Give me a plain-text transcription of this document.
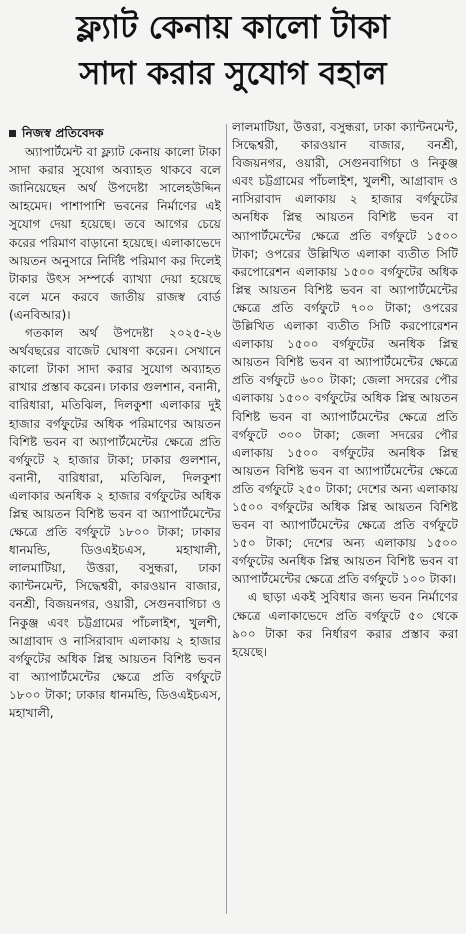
ফ্ল্যাট কেনায় কালো টাকা
সাদা করার সুযোগ বহাল
নিজস্ব প্রতিবেদক

অ্যাপার্টমেন্ট বা ফ্ল্যাট কেনায় কালো টাকা সাদা করার সুযোগ অব্যাহত থাকবে বলে জানিয়েছেন অর্থ উপদেষ্টা সালেহউদ্দিন আহমেদ। পাশাপাশি ভবনের নির্মাণের এই সুযোগ দেয়া হয়েছে। তবে আগের চেয়ে করের পরিমাণ বাড়ানো হয়েছে। এলাকাভেদে আয়তন অনুসারে নির্দিষ্ট পরিমাণ কর দিলেই টাকার উৎস সম্পর্কে ব্যাখ্যা দেয়া হয়েছে বলে মনে করবে জাতীয় রাজস্ব বোর্ড (এনবিআর)।

গতকাল অর্থ উপদেষ্টা ২০২৫-২৬ অর্থবছরের বাজেট ঘোষণা করেন। সেখানে কালো টাকা সাদা করার সুযোগ অব্যাহত রাখার প্রস্তাব করেন। ঢাকার গুলশান, বনানী, বারিধারা, মতিঝিল, দিলকুশা এলাকার দুই হাজার বর্গফুটের অধিক পরিমাণের আয়তন বিশিষ্ট ভবন বা অ্যাপার্টমেন্টের ক্ষেত্রে প্রতি বর্গফুটে ২ হাজার টাকা; ঢাকার গুলশান, বনানী, বারিধারা, মতিঝিল, দিলকুশা এলাকার অনধিক ২ হাজার বর্গফুটের অধিক প্লিন্থ আয়তন বিশিষ্ট ভবন বা অ্যাপার্টমেন্টের ক্ষেত্রে প্রতি বর্গফুটে ১৮০০ টাকা; ঢাকার ধানমন্ডি, ডিওএইচএস, মহাখালী, লালমাটিয়া, উত্তরা, বসুন্ধরা, ঢাকা ক্যান্টনমেন্ট, সিদ্ধেশ্বরী, কারওয়ান বাজার, বনশ্রী, বিজয়নগর, ওয়ারী, সেগুনবাগিচা ও নিকুঞ্জ এবং চট্টগ্রামের পাঁচলাইশ, খুলশী, আগ্রাবাদ ও নাসিরাবাদ এলাকায় ২ হাজার বর্গফুটের অধিক প্লিন্থ আয়তন বিশিষ্ট ভবন বা অ্যাপার্টমেন্টের ক্ষেত্রে প্রতি বর্গফুটে ১৮০০ টাকা; ঢাকার ধানমন্ডি, ডিওএইচএস, মহাখালী,

লালমাটিয়া, উত্তরা, বসুন্ধরা, ঢাকা ক্যান্টনমেন্ট, সিদ্ধেশ্বরী, কারওয়ান বাজার, বনশ্রী, বিজয়নগর, ওয়ারী, সেগুনবাগিচা ও নিকুঞ্জ এবং চট্টগ্রামের পাঁচলাইশ, খুলশী, আগ্রাবাদ ও নাসিরাবাদ এলাকায় ২ হাজার বর্গফুটের অনধিক প্লিন্থ আয়তন বিশিষ্ট ভবন বা অ্যাপার্টমেন্টের ক্ষেত্রে প্রতি বর্গফুটে ১৫০০ টাকা; ওপরের উল্লিখিত এলাকা ব্যতীত সিটি করপোরেশন এলাকায় ১৫০০ বর্গফুটের অধিক প্লিন্থ আয়তন বিশিষ্ট ভবন বা অ্যাপার্টমেন্টের ক্ষেত্রে প্রতি বর্গফুটে ৭০০ টাকা; ওপরের উল্লিখিত এলাকা ব্যতীত সিটি করপোরেশন এলাকায় ১৫০০ বর্গফুটের অনধিক প্লিন্থ আয়তন বিশিষ্ট ভবন বা অ্যাপার্টমেন্টের ক্ষেত্রে প্রতি বর্গফুটে ৬০০ টাকা; জেলা সদরের পৌর এলাকায় ১৫০০ বর্গফুটের অধিক প্লিন্থ আয়তন বিশিষ্ট ভবন বা অ্যাপার্টমেন্টের ক্ষেত্রে প্রতি বর্গফুটে ৩০০ টাকা; জেলা সদরের পৌর এলাকায় ১৫০০ বর্গফুটের অনধিক প্লিন্থ আয়তন বিশিষ্ট ভবন বা অ্যাপার্টমেন্টের ক্ষেত্রে প্রতি বর্গফুটে ২৫০ টাকা; দেশের অন্য এলাকায় ১৫০০ বর্গফুটের অধিক প্লিন্থ আয়তন বিশিষ্ট ভবন বা অ্যাপার্টমেন্টের ক্ষেত্রে প্রতি বর্গফুটে ১৫০ টাকা; দেশের অন্য এলাকায় ১৫০০ বর্গফুটের অনধিক প্লিন্থ আয়তন বিশিষ্ট ভবন বা অ্যাপার্টমেন্টের ক্ষেত্রে প্রতি বর্গফুটে ১০০ টাকা।

এ ছাড়া একই সুবিধার জন্য ভবন নির্মাণের ক্ষেত্রে এলাকাভেদে প্রতি বর্গফুটে ৫০ থেকে ৯০০ টাকা কর নির্ধারণ করার প্রস্তাব করা হয়েছে।
